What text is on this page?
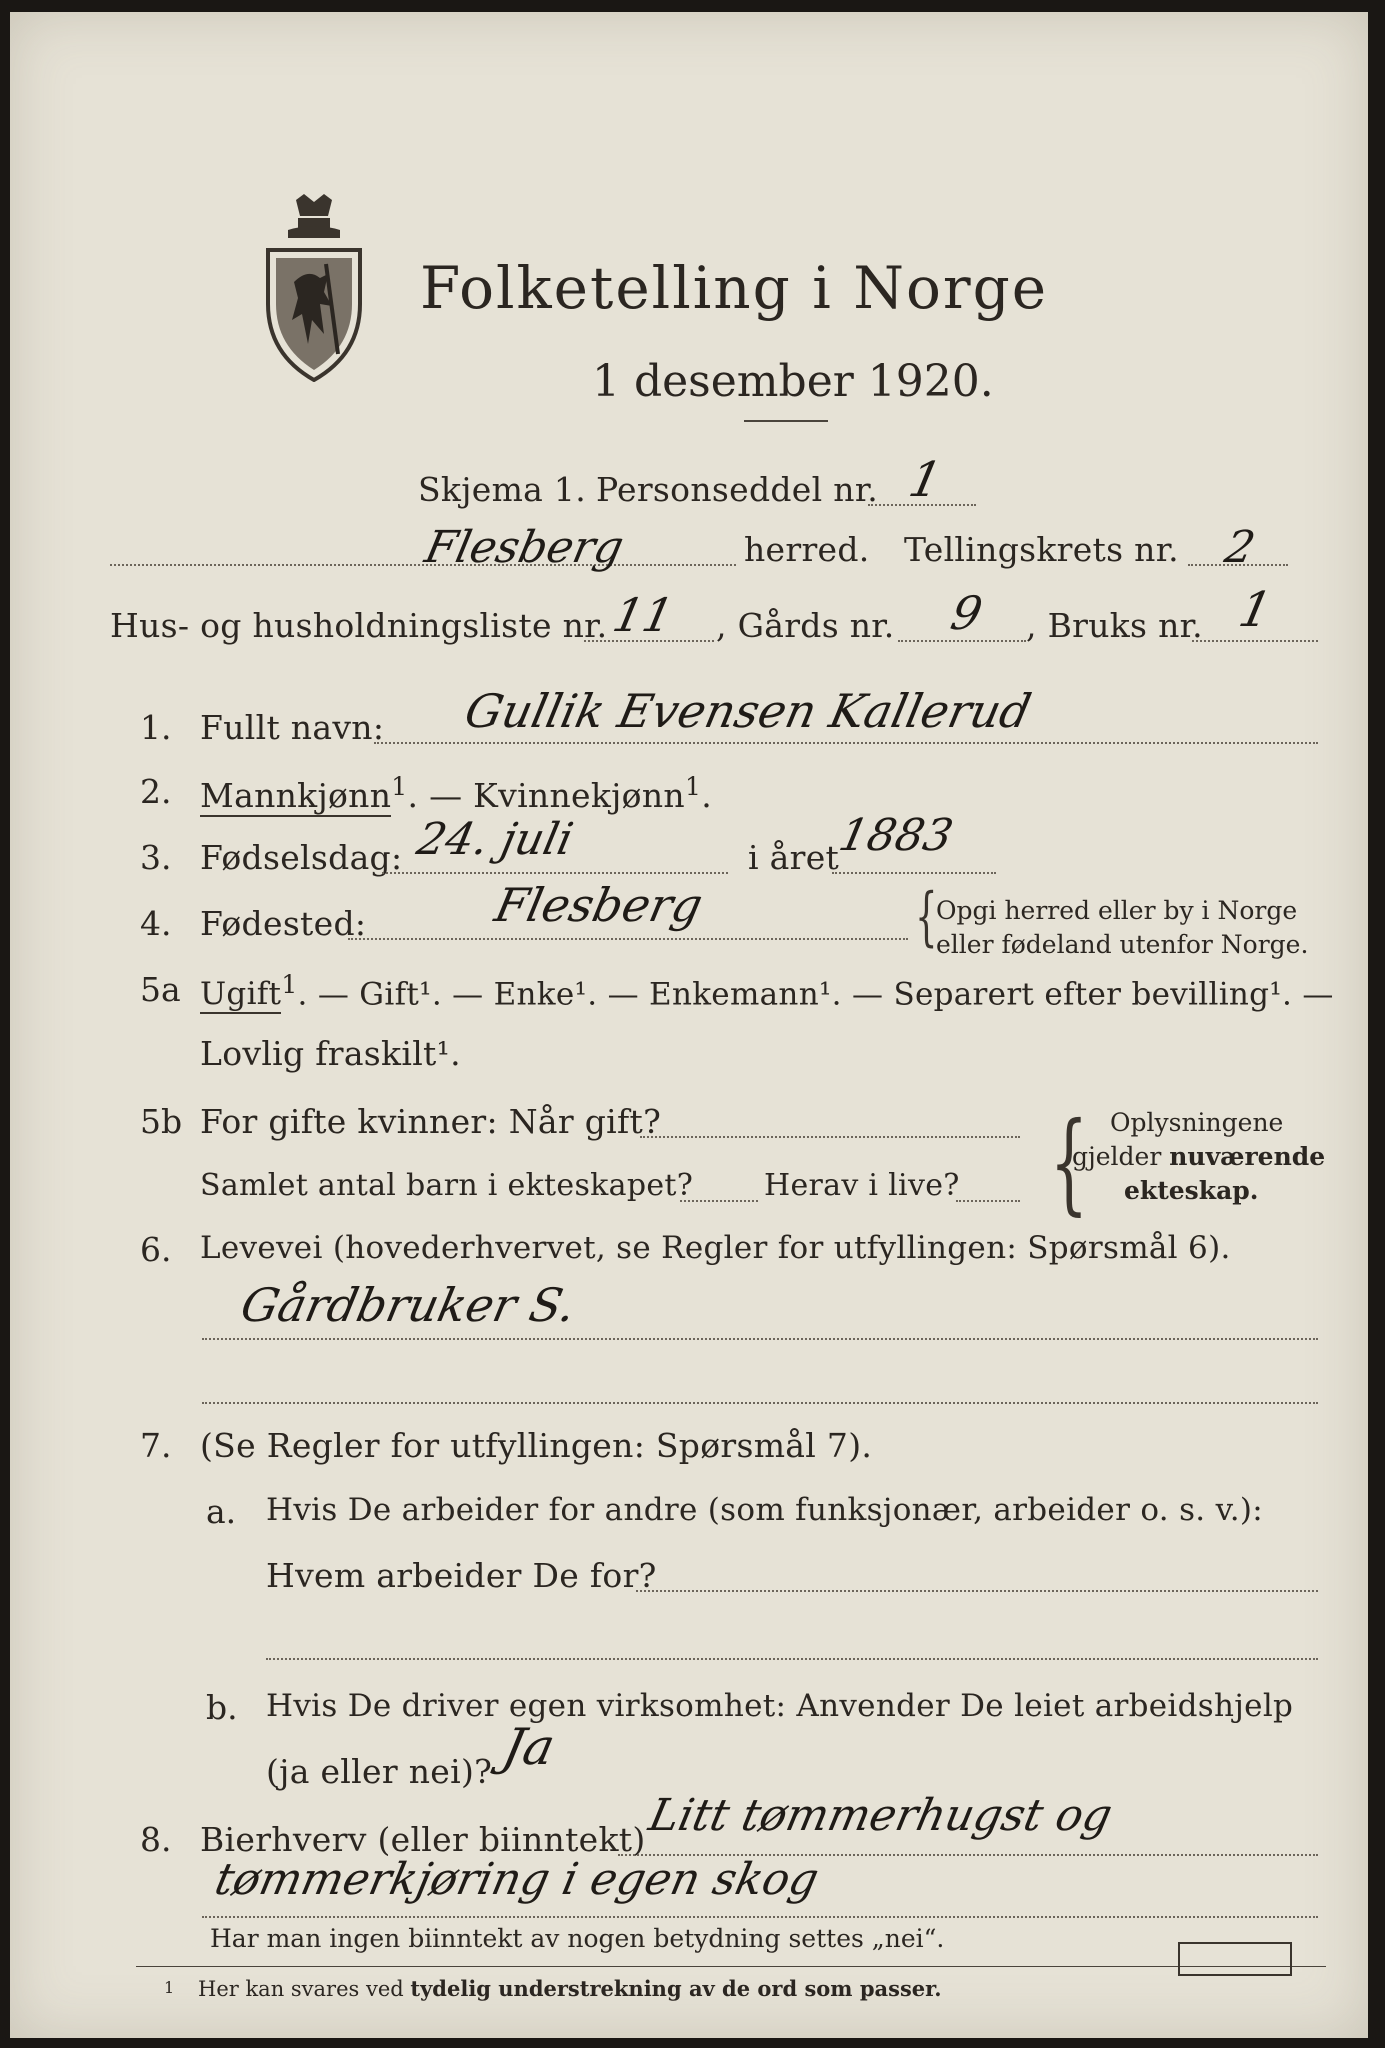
Folketelling i Norge
1 desember 1920.
Skjema 1. Personseddel nr. 1
Flesberg	herred. Tellingskrets nr. 2
Hus- og husholdningsliste nr. 11 , Gårds nr. 9 , Bruks nr. 1
1. Fullt navn: Gullik Evensen Kallerud
2. Mannkjønn$^1$. — Kvinnekjønn$^1$.
3. Fødselsdag: 24. juli	i året
1883
4. Fødested:	Flesberg	{
Opgi herred eller by i Norge
eller fødeland utenfor Norge.
5a Ugift$^1$. — Gift¹. — Enke¹. — Enkemann¹. — Separert efter bevilling¹. —
Lovlig fraskilt¹.
5b For gifte kvinner: Når gift?
Samlet antal barn i ekteskapet? Herav i live? { Oplysningene
gjelder nuværende
ekteskap.
6. Levevei (hovederhvervet, se Regler for utfyllingen: Spørsmål 6).
Gårdbruker S.
7. (Se Regler for utfyllingen: Spørsmål 7).
a. Hvis De arbeider for andre (som funksjonær, arbeider o. s. v.):
Hvem arbeider De for?
b. Hvis De driver egen virksomhet: Anvender De leiet arbeidshjelp
(ja eller nei)? Ja
8. Bierhverv (eller biinntekt) Litt tømmerhugst og
tømmerkjøring i egen skog
Har man ingen biinntekt av nogen betydning settes „nei“.
1 Her kan svares ved tydelig understrekning av de ord som passer.
